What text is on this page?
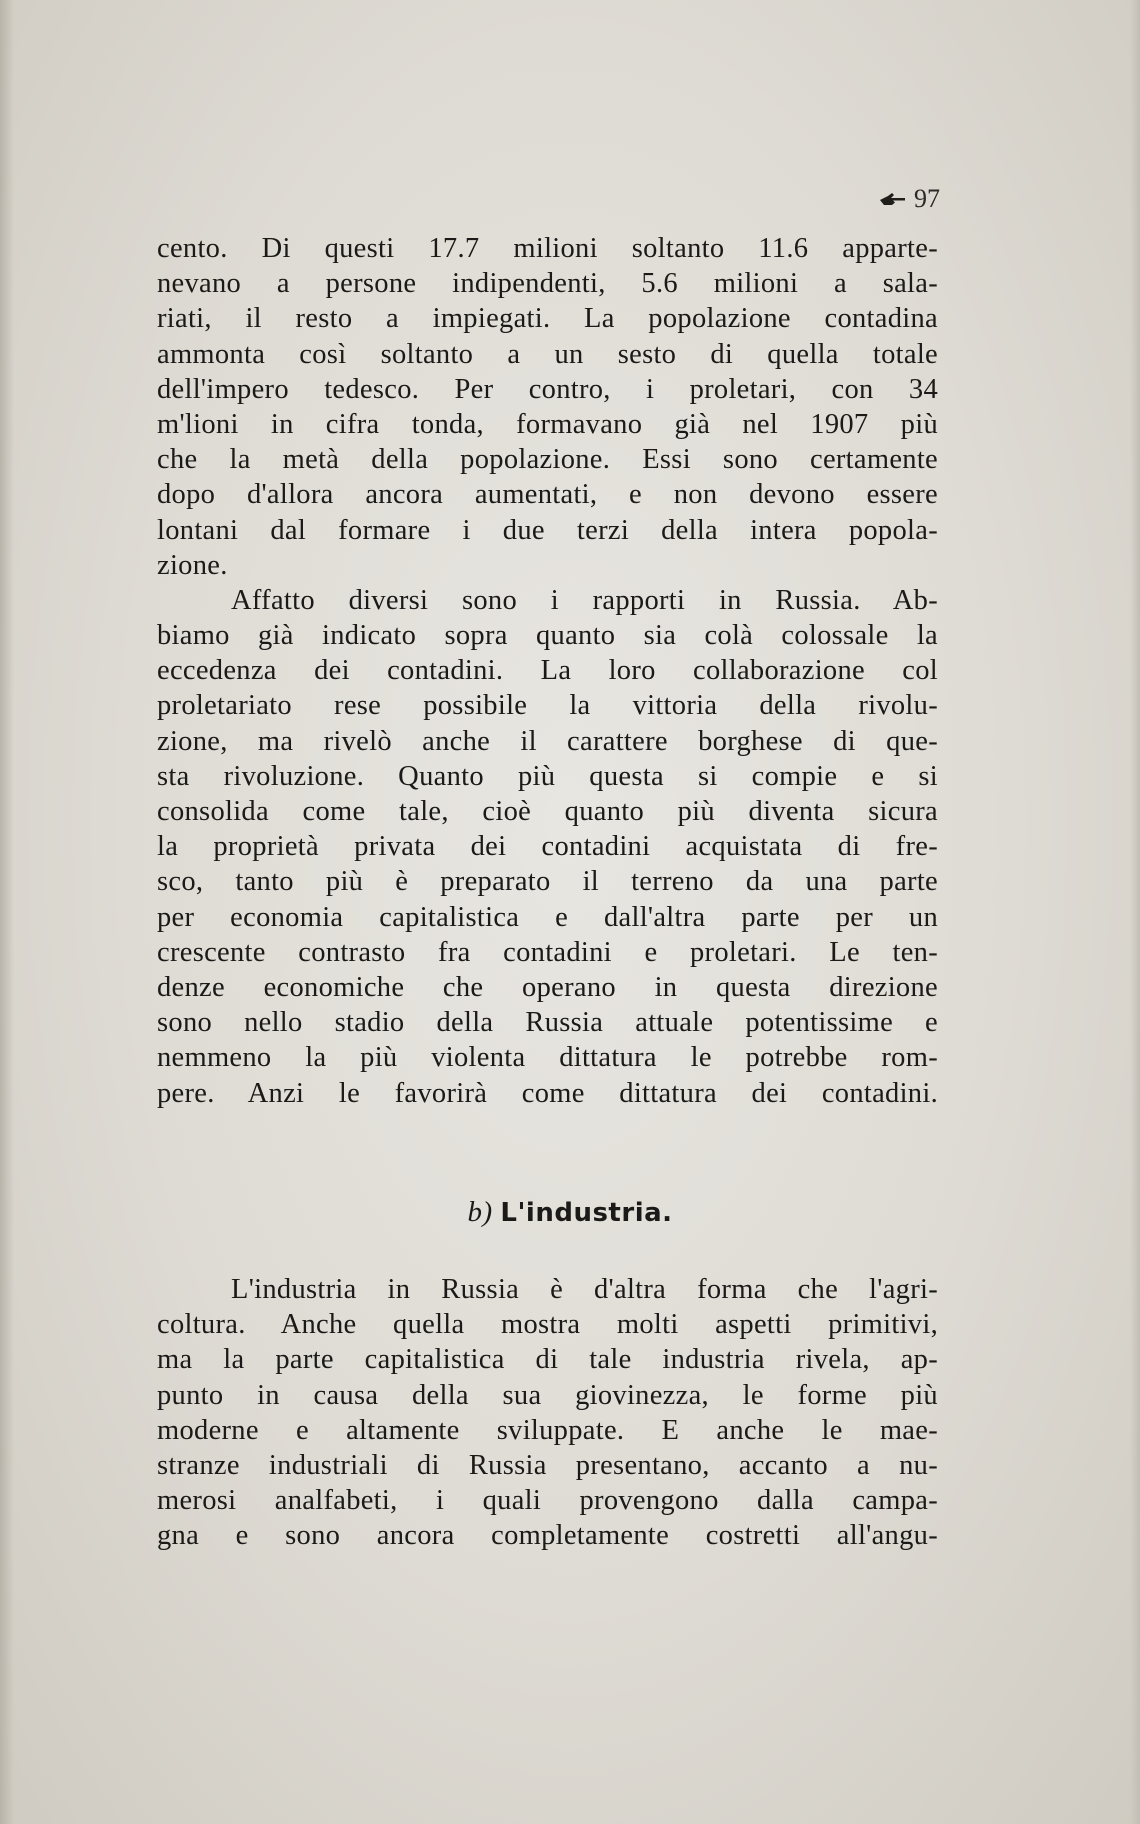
97
cento. Di questi 17.7 milioni soltanto 11.6 apparte-
nevano a persone indipendenti, 5.6 milioni a sala-
riati, il resto a impiegati. La popolazione contadina
ammonta così soltanto a un sesto di quella totale
dell'impero tedesco. Per contro, i proletari, con 34
m'lioni in cifra tonda, formavano già nel 1907 più
che la metà della popolazione. Essi sono certamente
dopo d'allora ancora aumentati, e non devono essere
lontani dal formare i due terzi della intera popola-
zione.
Affatto diversi sono i rapporti in Russia. Ab-
biamo già indicato sopra quanto sia colà colossale la
eccedenza dei contadini. La loro collaborazione col
proletariato rese possibile la vittoria della rivolu-
zione, ma rivelò anche il carattere borghese di que-
sta rivoluzione. Quanto più questa si compie e si
consolida come tale, cioè quanto più diventa sicura
la proprietà privata dei contadini acquistata di fre-
sco, tanto più è preparato il terreno da una parte
per economia capitalistica e dall'altra parte per un
crescente contrasto fra contadini e proletari. Le ten-
denze economiche che operano in questa direzione
sono nello stadio della Russia attuale potentissime e
nemmeno la più violenta dittatura le potrebbe rom-
pere. Anzi le favorirà come dittatura dei contadini.
b) L'industria.
L'industria in Russia è d'altra forma che l'agri-
coltura. Anche quella mostra molti aspetti primitivi,
ma la parte capitalistica di tale industria rivela, ap-
punto in causa della sua giovinezza, le forme più
moderne e altamente sviluppate. E anche le mae-
stranze industriali di Russia presentano, accanto a nu-
merosi analfabeti, i quali provengono dalla campa-
gna e sono ancora completamente costretti all'angu-
